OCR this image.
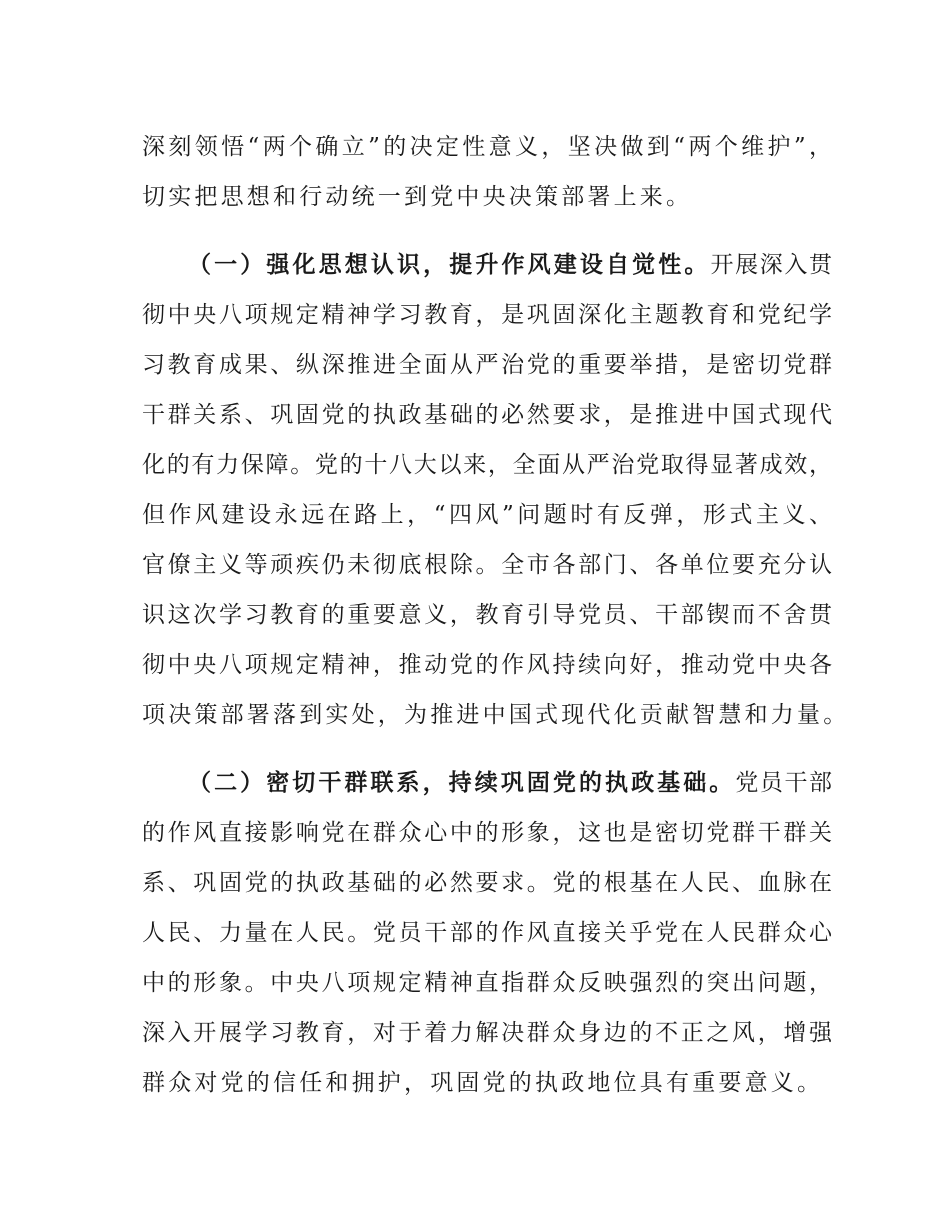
深刻领悟“两个确立”的决定性意义，坚决做到“两个维护”，
切实把思想和行动统一到党中央决策部署上来。
（一）强化思想认识，提升作风建设自觉性。开展深入贯
彻中央八项规定精神学习教育，是巩固深化主题教育和党纪学
习教育成果、纵深推进全面从严治党的重要举措，是密切党群
干群关系、巩固党的执政基础的必然要求，是推进中国式现代
化的有力保障。党的十八大以来，全面从严治党取得显著成效，
但作风建设永远在路上，“四风”问题时有反弹，形式主义、
官僚主义等顽疾仍未彻底根除。全市各部门、各单位要充分认
识这次学习教育的重要意义，教育引导党员、干部锲而不舍贯
彻中央八项规定精神，推动党的作风持续向好，推动党中央各
项决策部署落到实处，为推进中国式现代化贡献智慧和力量。
（二）密切干群联系，持续巩固党的执政基础。党员干部
的作风直接影响党在群众心中的形象，这也是密切党群干群关
系、巩固党的执政基础的必然要求。党的根基在人民、血脉在
人民、力量在人民。党员干部的作风直接关乎党在人民群众心
中的形象。中央八项规定精神直指群众反映强烈的突出问题，
深入开展学习教育，对于着力解决群众身边的不正之风，增强
群众对党的信任和拥护，巩固党的执政地位具有重要意义。
